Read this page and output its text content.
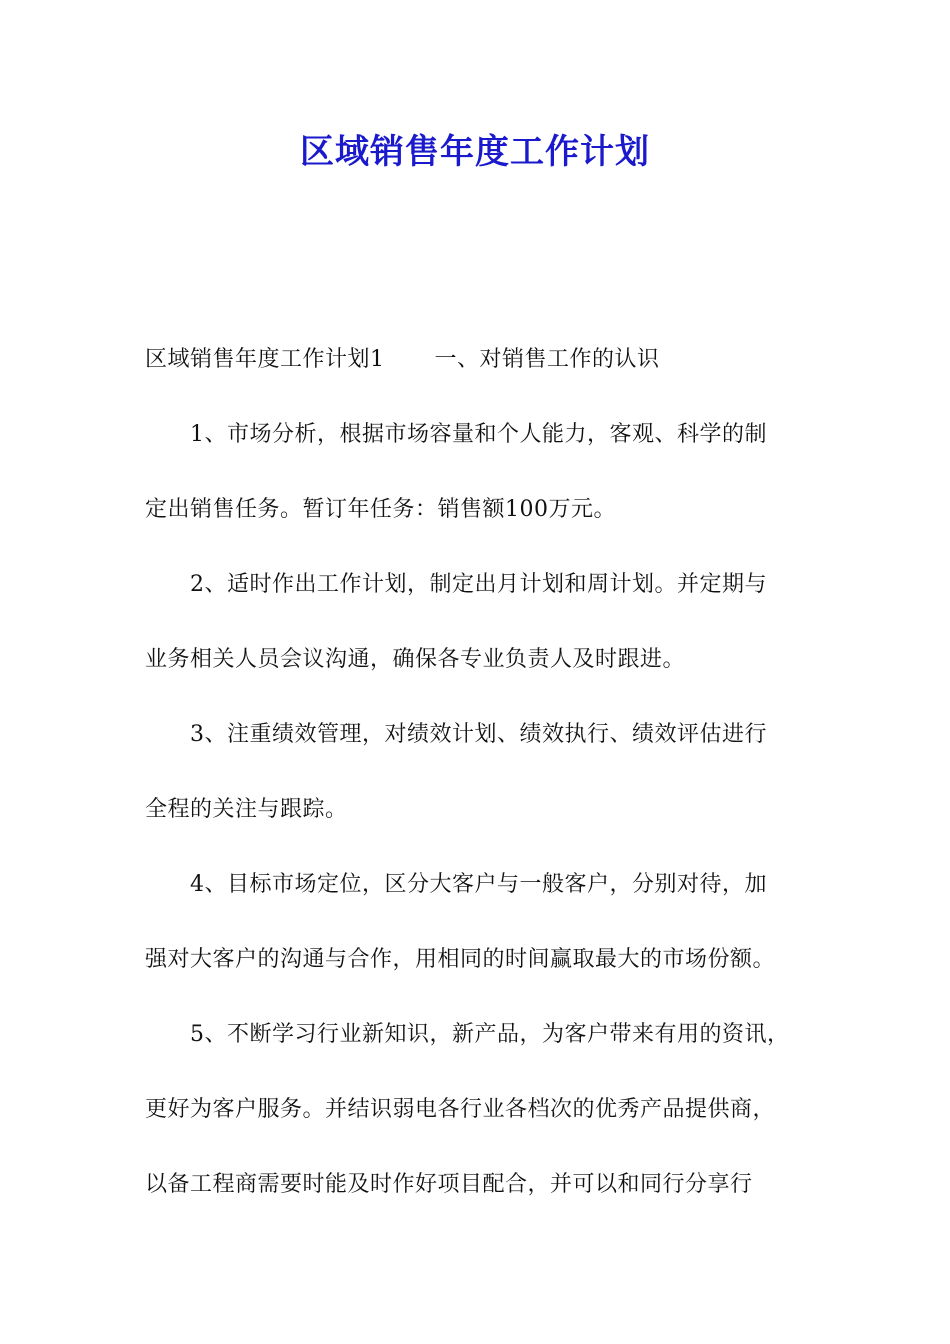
区域销售年度工作计划
区域销售年度工作计划1 一、对销售工作的认识
1、市场分析，根据市场容量和个人能力，客观、科学的制
定出销售任务。暂订年任务：销售额100万元。
2、适时作出工作计划，制定出月计划和周计划。并定期与
业务相关人员会议沟通，确保各专业负责人及时跟进。
3、注重绩效管理，对绩效计划、绩效执行、绩效评估进行
全程的关注与跟踪。
4、目标市场定位，区分大客户与一般客户，分别对待，加
强对大客户的沟通与合作，用相同的时间赢取最大的市场份额。
5、不断学习行业新知识，新产品，为客户带来有用的资讯，
更好为客户服务。并结识弱电各行业各档次的优秀产品提供商，
以备工程商需要时能及时作好项目配合，并可以和同行分享行
